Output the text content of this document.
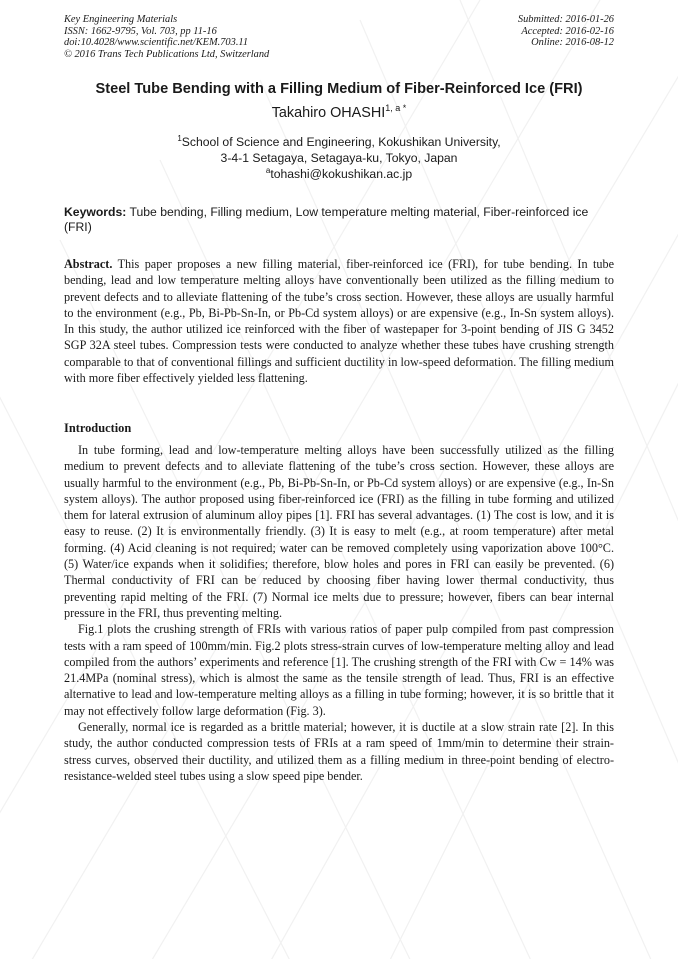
Key Engineering Materials
ISSN: 1662-9795, Vol. 703, pp 11-16
doi:10.4028/www.scientific.net/KEM.703.11
© 2016 Trans Tech Publications Ltd, Switzerland
Submitted: 2016-01-26
Accepted: 2016-02-16
Online: 2016-08-12
Steel Tube Bending with a Filling Medium of Fiber-Reinforced Ice (FRI)
Takahiro $OHASHI^{1, a *}$
$^1$School of Science and Engineering, Kokushikan University,
3-4-1 Setagaya, Setagaya-ku, Tokyo, Japan
$^a$tohashi@kokushikan.ac.jp
Keywords: Tube bending, Filling medium, Low temperature melting material, Fiber-reinforced ice (FRI)
Abstract. This paper proposes a new filling material, fiber-reinforced ice (FRI), for tube bending. In tube bending, lead and low temperature melting alloys have conventionally been utilized as the filling medium to prevent defects and to alleviate flattening of the tube’s cross section. However, these alloys are usually harmful to the environment (e.g., Pb, Bi-Pb-Sn-In, or Pb-Cd system alloys) or are expensive (e.g., In-Sn system alloys). In this study, the author utilized ice reinforced with the fiber of wastepaper for 3-point bending of JIS G 3452 SGP 32A steel tubes. Compression tests were conducted to analyze whether these tubes have crushing strength comparable to that of conventional fillings and sufficient ductility in low-speed deformation. The filling medium with more fiber effectively yielded less flattening.
Introduction

In tube forming, lead and low-temperature melting alloys have been successfully utilized as the filling medium to prevent defects and to alleviate flattening of the tube’s cross section. However, these alloys are usually harmful to the environment (e.g., Pb, Bi-Pb-Sn-In, or Pb-Cd system alloys) or are expensive (e.g., In-Sn system alloys). The author proposed using fiber-reinforced ice (FRI) as the filling in tube forming and utilized them for lateral extrusion of aluminum alloy pipes [1]. FRI has several advantages. (1) The cost is low, and it is easy to reuse. (2) It is environmentally friendly. (3) It is easy to melt (e.g., at room temperature) after metal forming. (4) Acid cleaning is not required; water can be removed completely using vaporization above 100°C. (5) Water/ice expands when it solidifies; therefore, blow holes and pores in FRI can easily be prevented. (6) Thermal conductivity of FRI can be reduced by choosing fiber having lower thermal conductivity, thus preventing rapid melting of the FRI. (7) Normal ice melts due to pressure; however, fibers can bear internal pressure in the FRI, thus preventing melting.

Fig.1 plots the crushing strength of FRIs with various ratios of paper pulp compiled from past compression tests with a ram speed of 100mm/min. Fig.2 plots stress-strain curves of low-temperature melting alloy and lead compiled from the authors’ experiments and reference [1]. The crushing strength of the FRI with Cw = 14% was 21.4MPa (nominal stress), which is almost the same as the tensile strength of lead. Thus, FRI is an effective alternative to lead and low-temperature melting alloys as a filling in tube forming; however, it is so brittle that it may not effectively follow large deformation (Fig. 3).

Generally, normal ice is regarded as a brittle material; however, it is ductile at a slow strain rate [2]. In this study, the author conducted compression tests of FRIs at a ram speed of 1mm/min to determine their strain-stress curves, observed their ductility, and utilized them as a filling medium in three-point bending of electro-resistance-welded steel tubes using a slow speed pipe bender.
